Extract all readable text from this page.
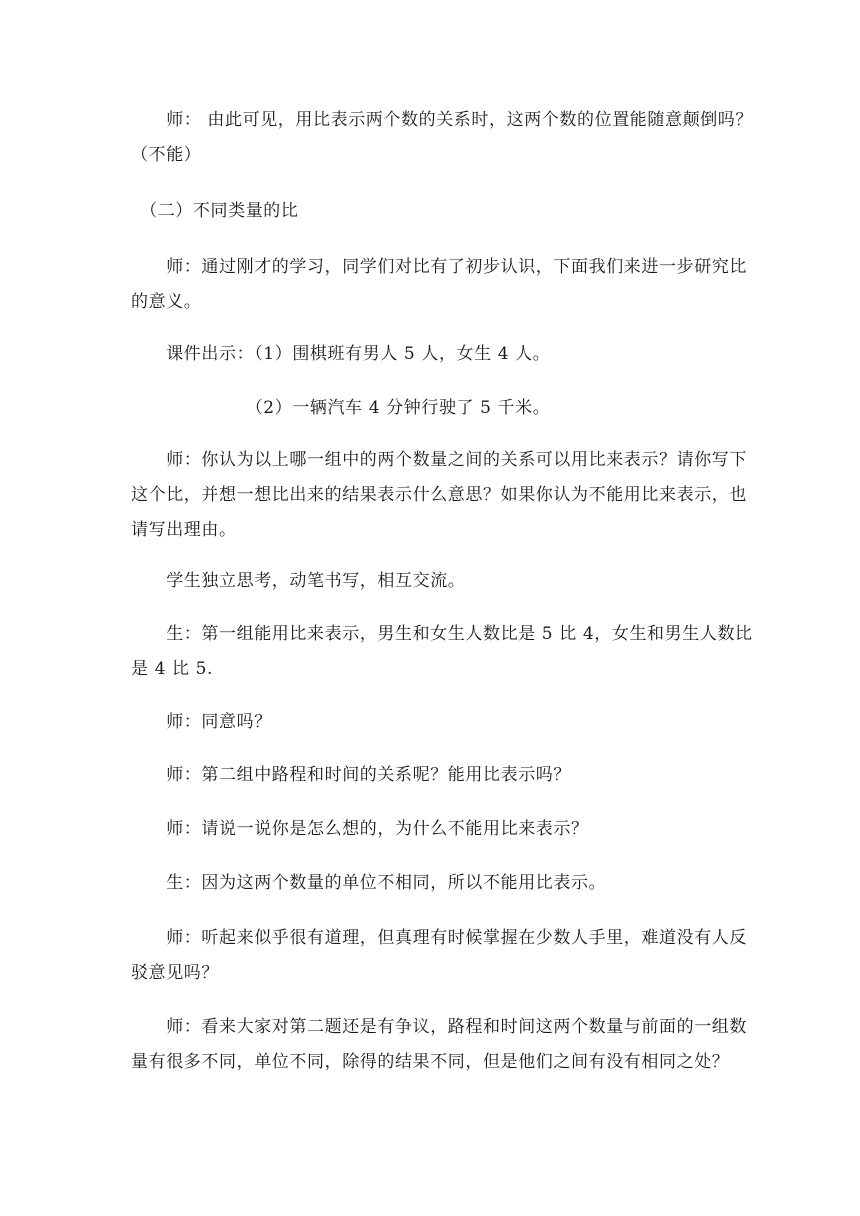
　　师： 由此可见，用比表示两个数的关系时，这两个数的位置能随意颠倒吗？
（不能）
　（二）不同类量的比
　　师：通过刚才的学习，同学们对比有了初步认识，下面我们来进一步研究比
的意义。
　　课件出示：（1）围棋班有男人 5 人，女生 4 人。
　　　　　　　（2）一辆汽车 4 分钟行驶了 5 千米。
　　师：你认为以上哪一组中的两个数量之间的关系可以用比来表示？请你写下
这个比，并想一想比出来的结果表示什么意思？如果你认为不能用比来表示，也
请写出理由。
　　学生独立思考，动笔书写，相互交流。
　　生：第一组能用比来表示，男生和女生人数比是 5 比 4，女生和男生人数比
是 4 比 5.
　　师：同意吗？
　　师：第二组中路程和时间的关系呢？能用比表示吗？
　　师：请说一说你是怎么想的，为什么不能用比来表示？
　　生：因为这两个数量的单位不相同，所以不能用比表示。
　　师：听起来似乎很有道理，但真理有时候掌握在少数人手里，难道没有人反
驳意见吗？
　　师：看来大家对第二题还是有争议，路程和时间这两个数量与前面的一组数
量有很多不同，单位不同，除得的结果不同，但是他们之间有没有相同之处？
